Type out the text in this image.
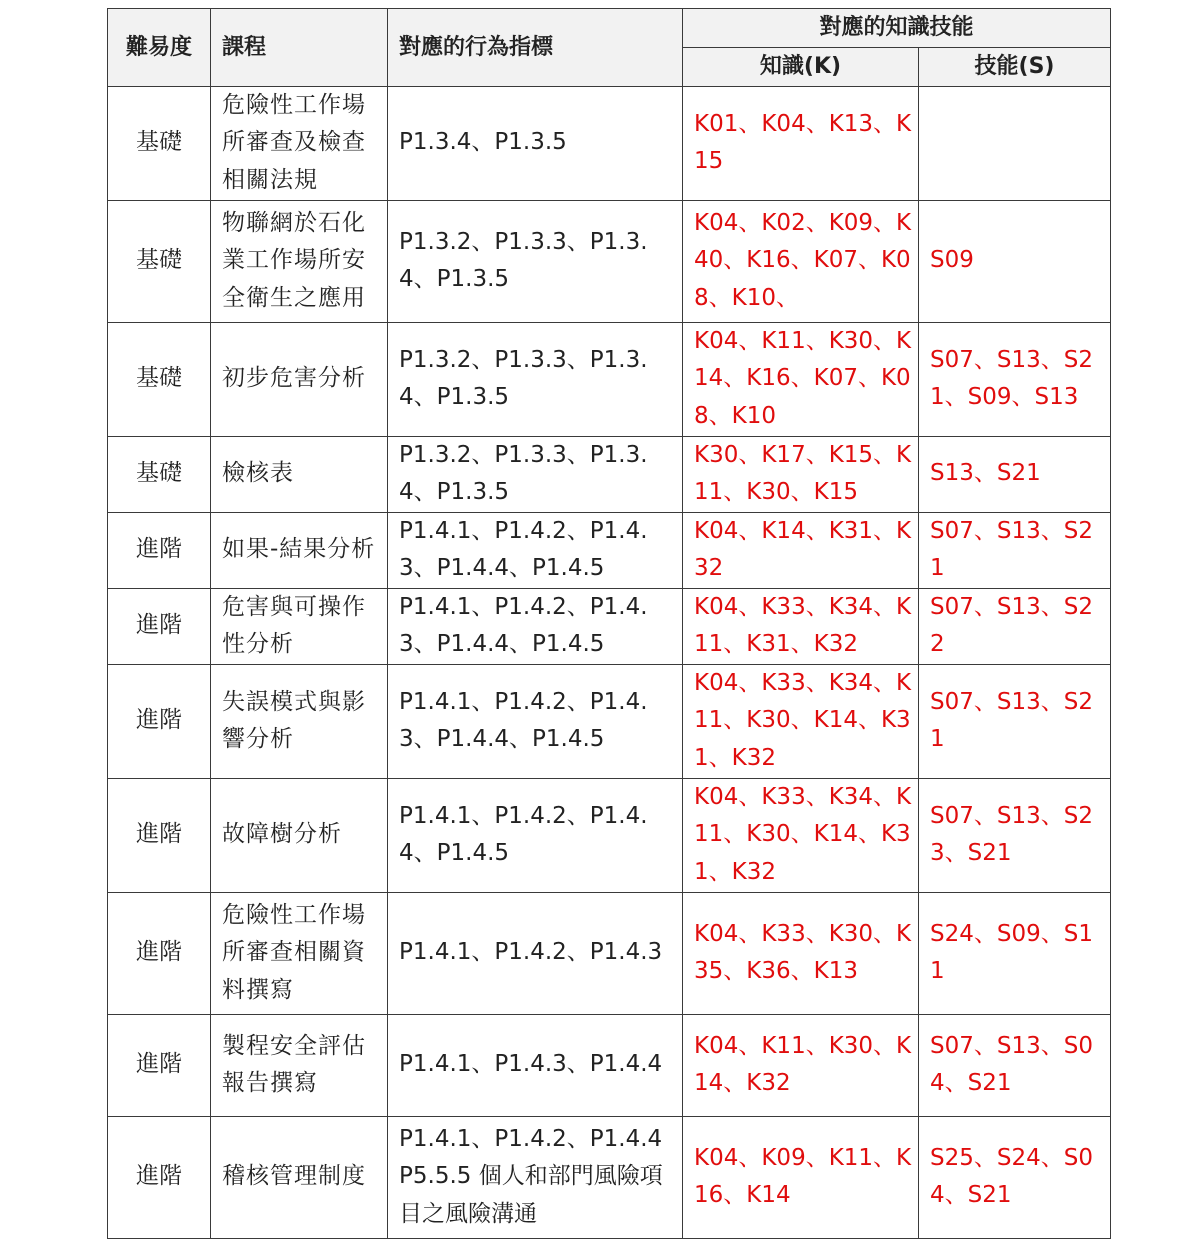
難易度	課程	對應的行為指標	對應的知識技能	
			知識(K)	技能(S)
基礎	危險性工作場所審查及檢查相關法規	P1.3.4、P1.3.5	K01、K04、K13、K15	
基礎	物聯網於石化業工作場所安全衛生之應用	P1.3.2、P1.3.3、P1.3.4、P1.3.5	K04、K02、K09、K40、K16、K07、K08、K10、	S09
基礎	初步危害分析	P1.3.2、P1.3.3、P1.3.4、P1.3.5	K04、K11、K30、K14、K16、K07、K08、K10	S07、S13、S21、S09、S13
基礎	檢核表	P1.3.2、P1.3.3、P1.3.4、P1.3.5	K30、K17、K15、K11、K30、K15	S13、S21
進階	如果-結果分析	P1.4.1、P1.4.2、P1.4.3、P1.4.4、P1.4.5	K04、K14、K31、K32	S07、S13、S21
進階	危害與可操作性分析	P1.4.1、P1.4.2、P1.4.3、P1.4.4、P1.4.5	K04、K33、K34、K11、K31、K32	S07、S13、S22
進階	失誤模式與影響分析	P1.4.1、P1.4.2、P1.4.3、P1.4.4、P1.4.5	K04、K33、K34、K11、K30、K14、K31、K32	S07、S13、S21
進階	故障樹分析	P1.4.1、P1.4.2、P1.4.4、P1.4.5	K04、K33、K34、K11、K30、K14、K31、K32	S07、S13、S23、S21
進階	危險性工作場所審查相關資料撰寫	P1.4.1、P1.4.2、P1.4.3	K04、K33、K30、K35、K36、K13	S24、S09、S11
進階	製程安全評估報告撰寫	P1.4.1、P1.4.3、P1.4.4	K04、K11、K30、K14、K32	S07、S13、S04、S21
進階	稽核管理制度	P1.4.1、P1.4.2、P1.4.4 P5.5.5 個人和部門風險項目之風險溝通	K04、K09、K11、K16、K14	S25、S24、S04、S21
